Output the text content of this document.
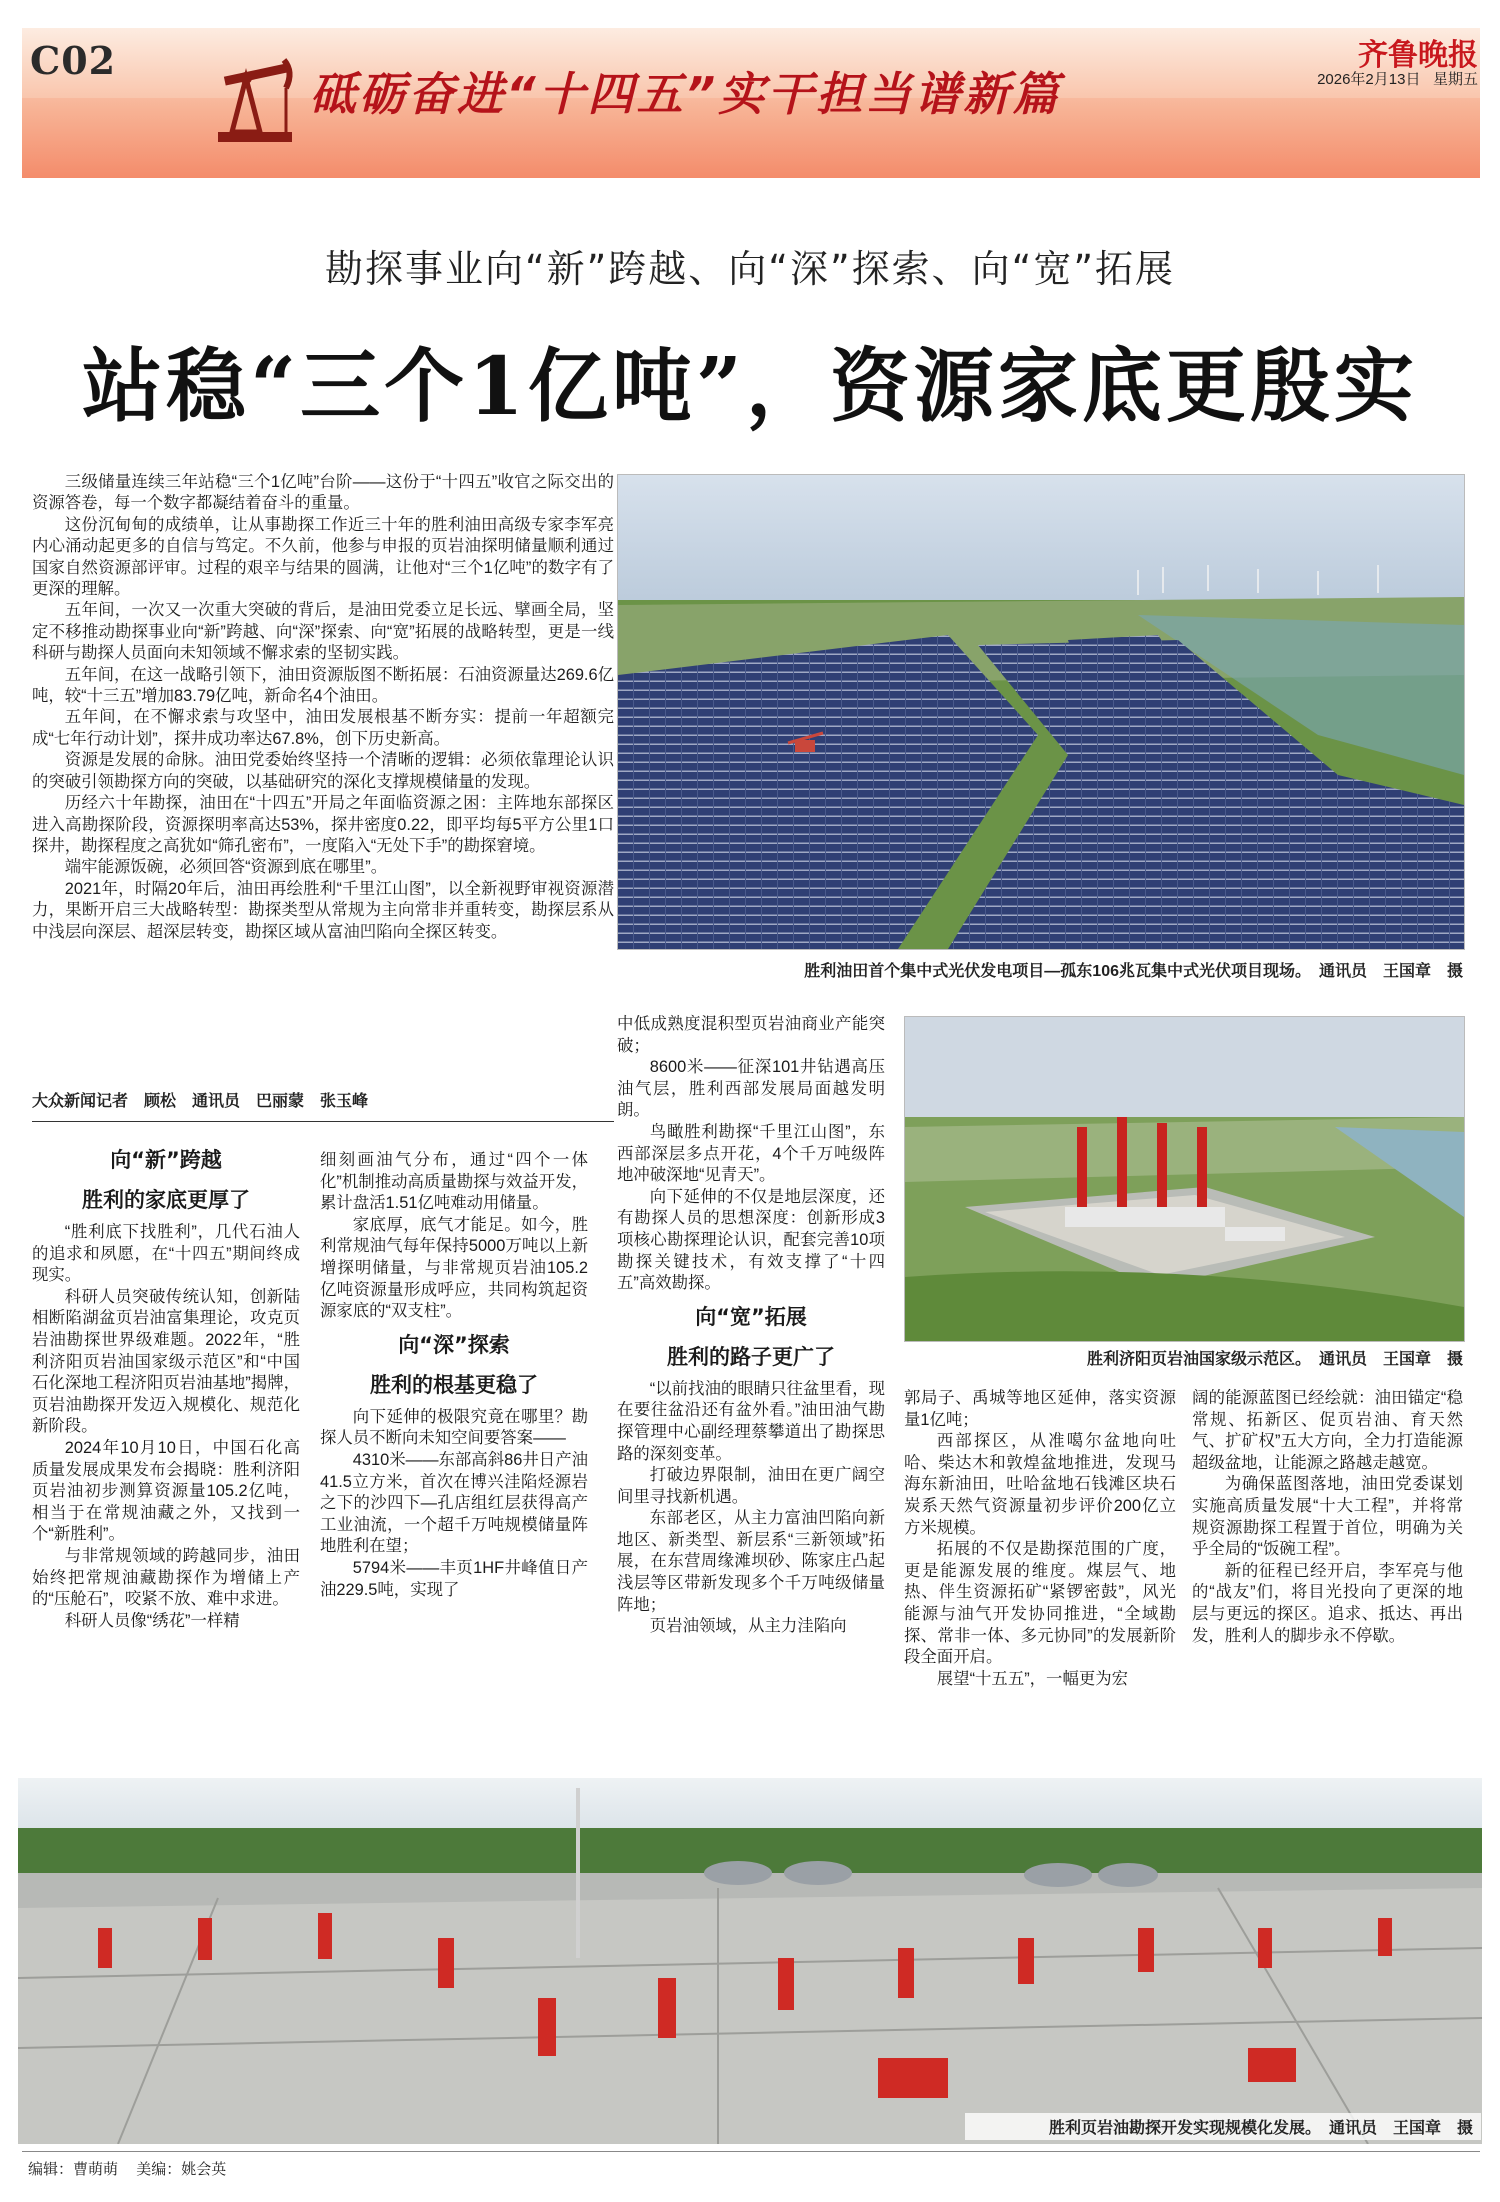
C02
砥砺奋进“十四五”实干担当谱新篇
齐鲁晚报
2026年2月13日 星期五
勘探事业向“新”跨越、向“深”探索、向“宽”拓展
站稳“三个1亿吨”，资源家底更殷实

三级储量连续三年站稳“三个1亿吨”台阶——这份于“十四五”收官之际交出的资源答卷，每一个数字都凝结着奋斗的重量。

这份沉甸甸的成绩单，让从事勘探工作近三十年的胜利油田高级专家李军亮内心涌动起更多的自信与笃定。不久前，他参与申报的页岩油探明储量顺利通过国家自然资源部评审。过程的艰辛与结果的圆满，让他对“三个1亿吨”的数字有了更深的理解。

五年间，一次又一次重大突破的背后，是油田党委立足长远、擘画全局，坚定不移推动勘探事业向“新”跨越、向“深”探索、向“宽”拓展的战略转型，更是一线科研与勘探人员面向未知领域不懈求索的坚韧实践。

五年间，在这一战略引领下，油田资源版图不断拓展：石油资源量达269.6亿吨，较“十三五”增加83.79亿吨，新命名4个油田。

五年间，在不懈求索与攻坚中，油田发展根基不断夯实：提前一年超额完成“七年行动计划”，探井成功率达67.8%，创下历史新高。

资源是发展的命脉。油田党委始终坚持一个清晰的逻辑：必须依靠理论认识的突破引领勘探方向的突破，以基础研究的深化支撑规模储量的发现。

历经六十年勘探，油田在“十四五”开局之年面临资源之困：主阵地东部探区进入高勘探阶段，资源探明率高达53%，探井密度0.22，即平均每5平方公里1口探井，勘探程度之高犹如“筛孔密布”，一度陷入“无处下手”的勘探窘境。

端牢能源饭碗，必须回答“资源到底在哪里”。

2021年，时隔20年后，油田再绘胜利“千里江山图”，以全新视野审视资源潜力，果断开启三大战略转型：勘探类型从常规为主向常非并重转变，勘探层系从中浅层向深层、超深层转变，勘探区域从富油凹陷向全探区转变。

大众新闻记者　顾松　通讯员　巴丽蒙　张玉峰
胜利油田首个集中式光伏发电项目—孤东106兆瓦集中式光伏项目现场。　通讯员　王国章　摄
胜利济阳页岩油国家级示范区。　通讯员　王国章　摄
向“新”跨越
胜利的家底更厚了

“胜利底下找胜利”，几代石油人的追求和夙愿，在“十四五”期间终成现实。

科研人员突破传统认知，创新陆相断陷湖盆页岩油富集理论，攻克页岩油勘探世界级难题。2022年，“胜利济阳页岩油国家级示范区”和“中国石化深地工程济阳页岩油基地”揭牌，页岩油勘探开发迈入规模化、规范化新阶段。

2024年10月10日，中国石化高质量发展成果发布会揭晓：胜利济阳页岩油初步测算资源量105.2亿吨，相当于在常规油藏之外，又找到一个“新胜利”。

与非常规领域的跨越同步，油田始终把常规油藏勘探作为增储上产的“压舱石”，咬紧不放、难中求进。

科研人员像“绣花”一样精

细刻画油气分布，通过“四个一体化”机制推动高质量勘探与效益开发，累计盘活1.51亿吨难动用储量。

家底厚，底气才能足。如今，胜利常规油气每年保持5000万吨以上新增探明储量，与非常规页岩油105.2亿吨资源量形成呼应，共同构筑起资源家底的“双支柱”。

向“深”探索
胜利的根基更稳了

向下延伸的极限究竟在哪里？勘探人员不断向未知空间要答案——

4310米——东部高斜86井日产油41.5立方米，首次在博兴洼陷烃源岩之下的沙四下—孔店组红层获得高产工业油流，一个超千万吨规模储量阵地胜利在望；

5794米——丰页1HF井峰值日产油229.5吨，实现了

中低成熟度混积型页岩油商业产能突破；

8600米——征深101井钻遇高压油气层，胜利西部发展局面越发明朗。

鸟瞰胜利勘探“千里江山图”，东西部深层多点开花，4个千万吨级阵地冲破深地“见青天”。

向下延伸的不仅是地层深度，还有勘探人员的思想深度：创新形成3项核心勘探理论认识，配套完善10项勘探关键技术，有效支撑了“十四五”高效勘探。

向“宽”拓展
胜利的路子更广了

“以前找油的眼睛只往盆里看，现在要往盆沿还有盆外看。”油田油气勘探管理中心副经理蔡攀道出了勘探思路的深刻变革。

打破边界限制，油田在更广阔空间里寻找新机遇。

东部老区，从主力富油凹陷向新地区、新类型、新层系“三新领域”拓展，在东营周缘滩坝砂、陈家庄凸起浅层等区带新发现多个千万吨级储量阵地；

页岩油领域，从主力洼陷向

郭局子、禹城等地区延伸，落实资源量1亿吨；

西部探区，从准噶尔盆地向吐哈、柴达木和敦煌盆地推进，发现马海东新油田，吐哈盆地石钱滩区块石炭系天然气资源量初步评价200亿立方米规模。

拓展的不仅是勘探范围的广度，更是能源发展的维度。煤层气、地热、伴生资源拓矿“紧锣密鼓”，风光能源与油气开发协同推进，“全域勘探、常非一体、多元协同”的发展新阶段全面开启。

展望“十五五”，一幅更为宏

阔的能源蓝图已经绘就：油田锚定“稳常规、拓新区、促页岩油、育天然气、扩矿权”五大方向，全力打造能源超级盆地，让能源之路越走越宽。

为确保蓝图落地，油田党委谋划实施高质量发展“十大工程”，并将常规资源勘探工程置于首位，明确为关乎全局的“饭碗工程”。

新的征程已经开启，李军亮与他的“战友”们，将目光投向了更深的地层与更远的探区。追求、抵达、再出发，胜利人的脚步永不停歇。

胜利页岩油勘探开发实现规模化发展。　通讯员　王国章　摄
编辑：曹萌萌 美编：姚会英
